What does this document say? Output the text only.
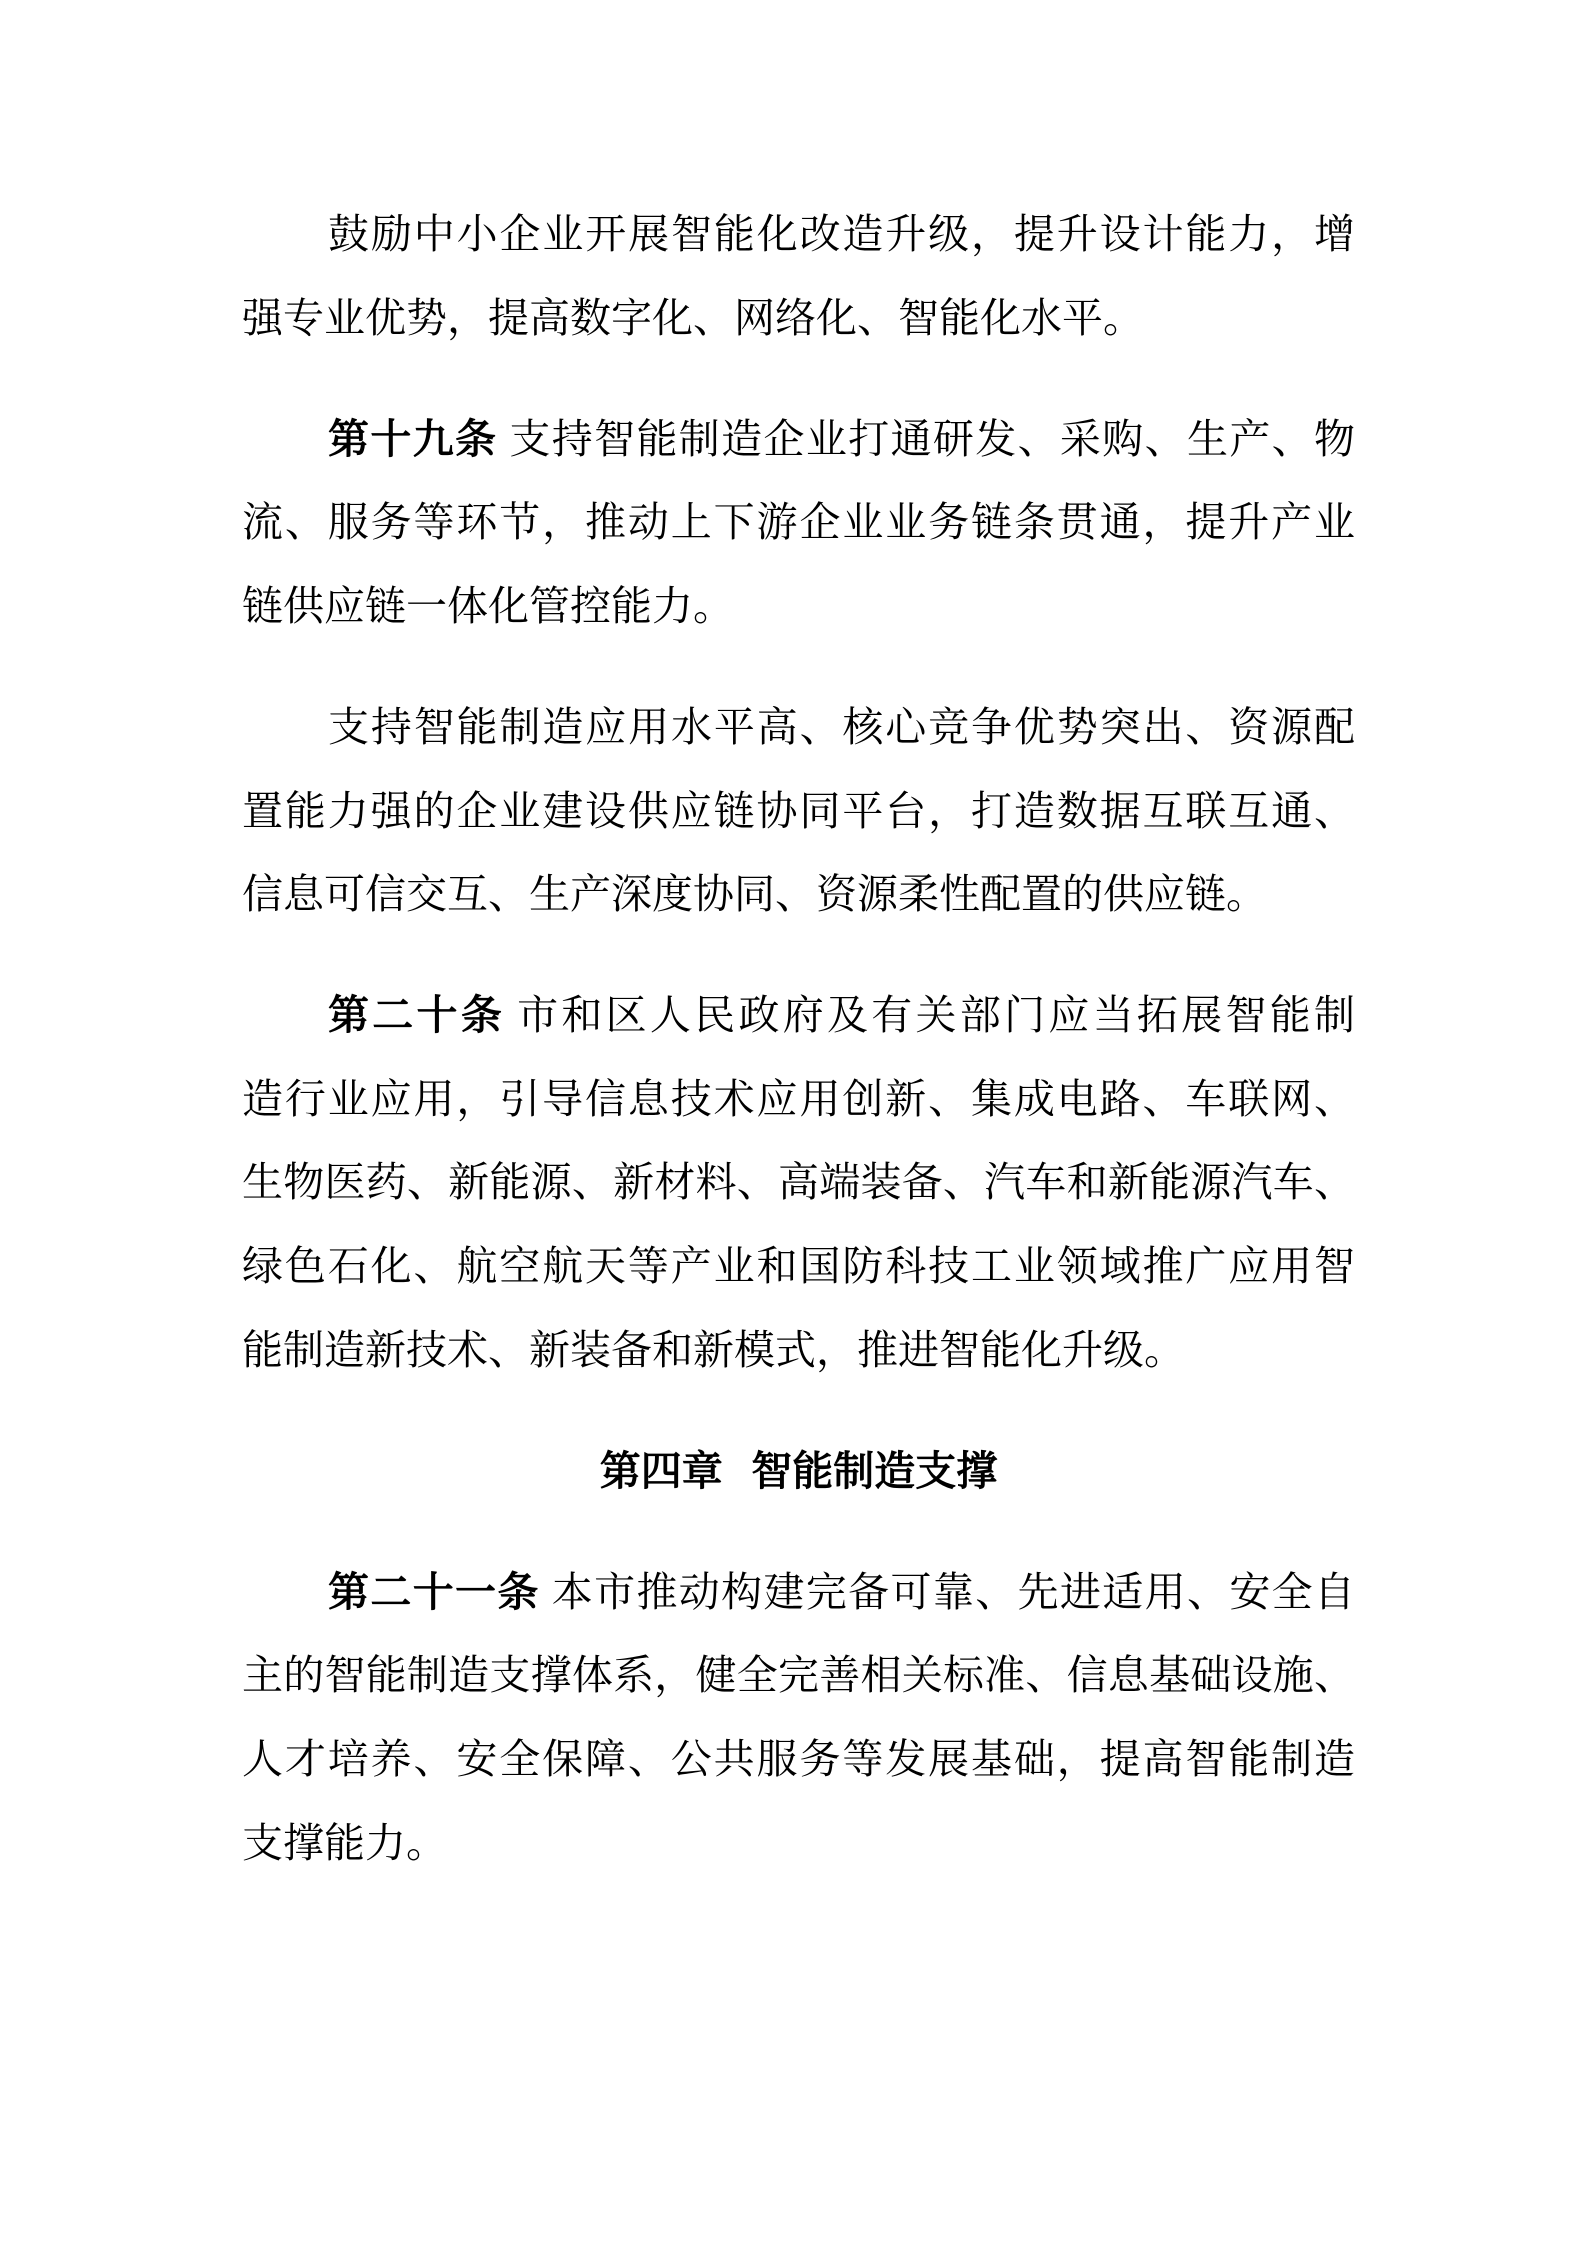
鼓励中小企业开展智能化改造升级，提升设计能力，增
强专业优势，提高数字化、网络化、智能化水平。
第十九条 支持智能制造企业打通研发、采购、生产、物
流、服务等环节，推动上下游企业业务链条贯通，提升产业
链供应链一体化管控能力。
支持智能制造应用水平高、核心竞争优势突出、资源配
置能力强的企业建设供应链协同平台，打造数据互联互通、
信息可信交互、生产深度协同、资源柔性配置的供应链。
第二十条 市和区人民政府及有关部门应当拓展智能制
造行业应用，引导信息技术应用创新、集成电路、车联网、
生物医药、新能源、新材料、高端装备、汽车和新能源汽车、
绿色石化、航空航天等产业和国防科技工业领域推广应用智
能制造新技术、新装备和新模式，推进智能化升级。
第四章  智能制造支撑
第二十一条 本市推动构建完备可靠、先进适用、安全自
主的智能制造支撑体系，健全完善相关标准、信息基础设施、
人才培养、安全保障、公共服务等发展基础，提高智能制造
支撑能力。
